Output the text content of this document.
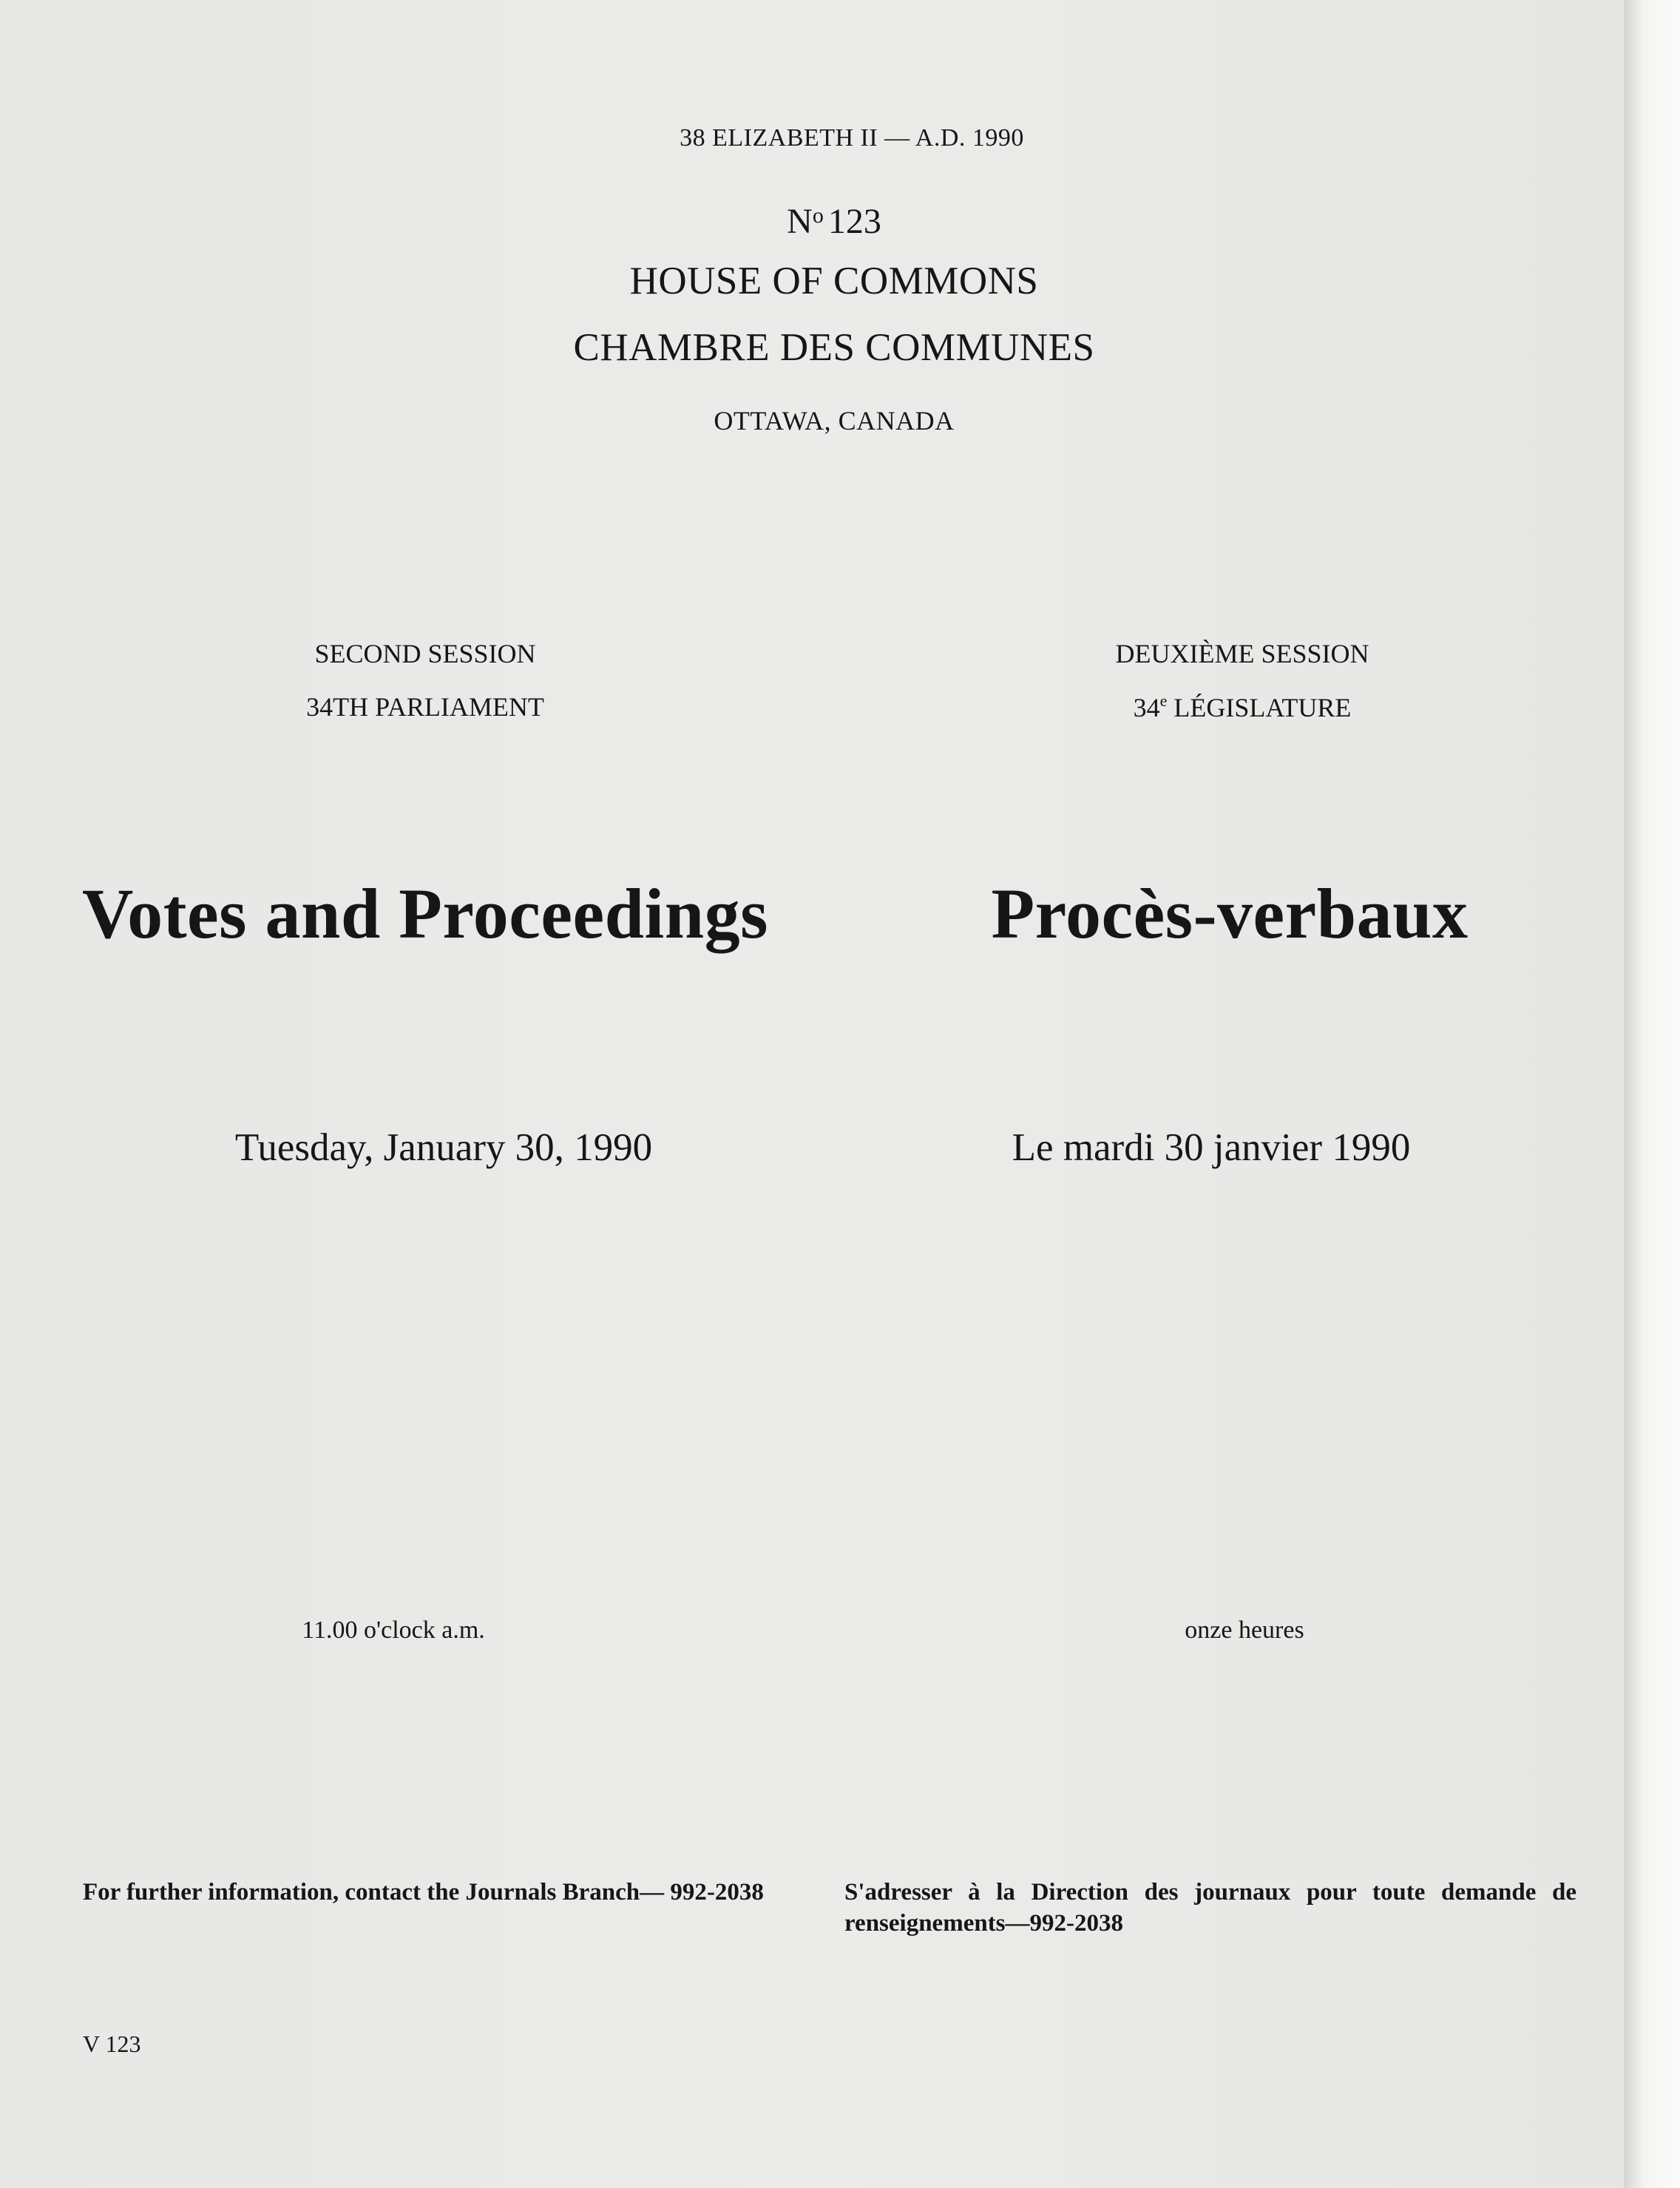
38 ELIZABETH II — A.D. 1990
$N^o$ 123
HOUSE OF COMMONS
CHAMBRE DES COMMUNES
OTTAWA, CANADA
SECOND SESSION
34TH PARLIAMENT
DEUXIÈME SESSION
34e LÉGISLATURE
Votes and Proceedings	Procès-verbaux
Tuesday, January 30, 1990	Le mardi 30 janvier 1990
11.00 o'clock a.m.	onze heures
For further information, contact the Journals Branch— 992-2038	S'adresser à la Direction des journaux pour toute demande de renseignements—992-2038
V 123
